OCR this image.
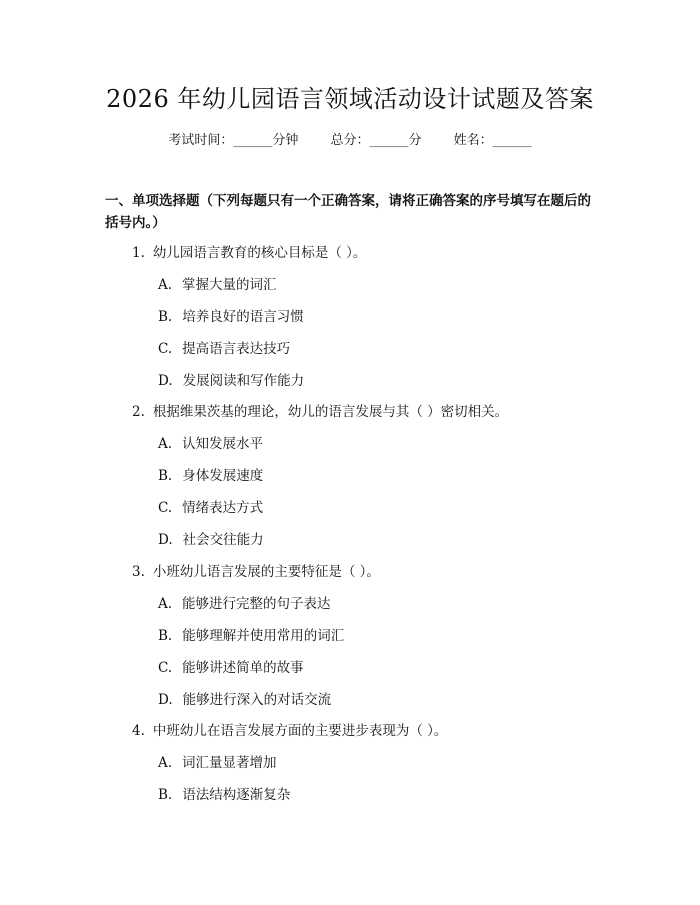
2026 年幼儿园语言领域活动设计试题及答案
考试时间：______分钟 总分：______分 姓名：______
一、单项选择题（下列每题只有一个正确答案，请将正确答案的序号填写在题后的括号内。）
1. 幼儿园语言教育的核心目标是（ ）。
A. 掌握大量的词汇
B. 培养良好的语言习惯
C. 提高语言表达技巧
D. 发展阅读和写作能力
2. 根据维果茨基的理论，幼儿的语言发展与其（ ）密切相关。
A. 认知发展水平
B. 身体发展速度
C. 情绪表达方式
D. 社会交往能力
3. 小班幼儿语言发展的主要特征是（ ）。
A. 能够进行完整的句子表达
B. 能够理解并使用常用的词汇
C. 能够讲述简单的故事
D. 能够进行深入的对话交流
4. 中班幼儿在语言发展方面的主要进步表现为（ ）。
A. 词汇量显著增加
B. 语法结构逐渐复杂
